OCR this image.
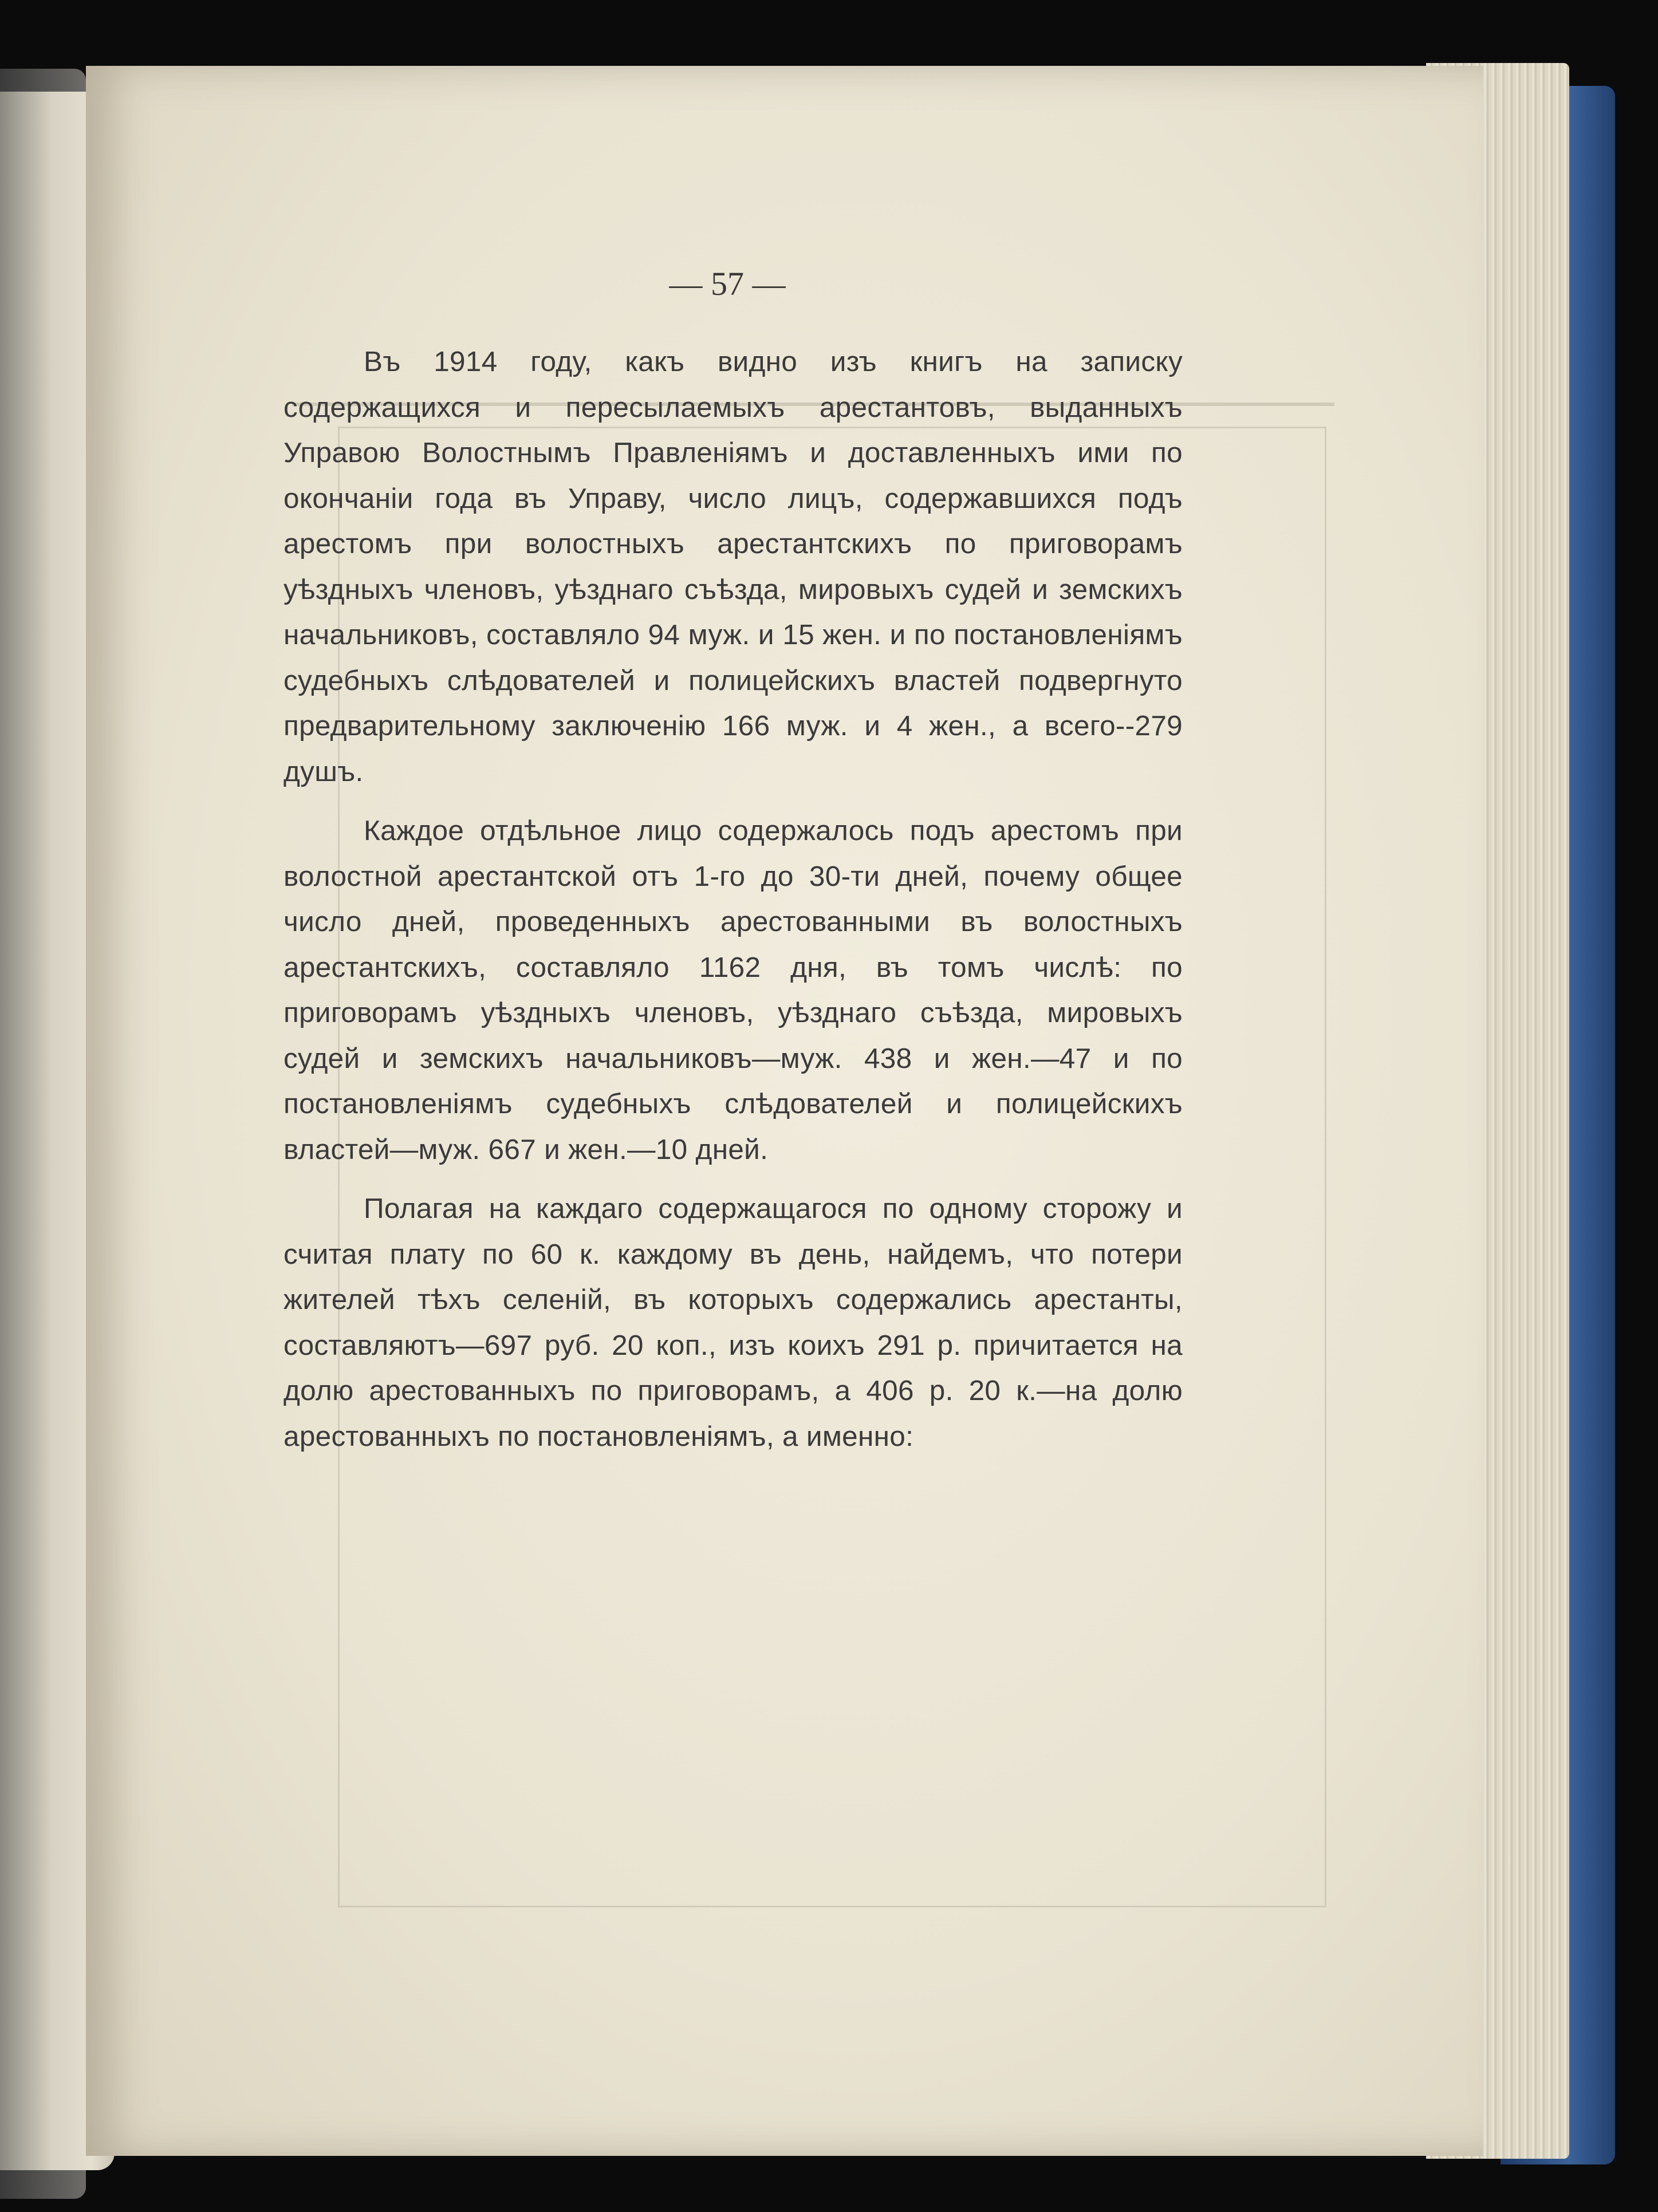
— 57 —

Въ 1914 году, какъ видно изъ книгъ на записку содержащихся и пересылаемыхъ арестантовъ, выданныхъ Управою Волостнымъ Правленіямъ и доставленныхъ ими по окончаніи года въ Управу, число лицъ, содержавшихся подъ арестомъ при волостныхъ арестантскихъ по приговорамъ уѣздныхъ членовъ, уѣзднаго съѣзда, мировыхъ судей и земскихъ начальниковъ, составляло 94 муж. и 15 жен. и по постановленіямъ судебныхъ слѣдователей и полицейскихъ властей подвергнуто предварительному заключенію 166 муж. и 4 жен., а всего--279 душъ.

Каждое отдѣльное лицо содержалось подъ арестомъ при волостной арестантской отъ 1-го до 30-ти дней, почему общее число дней, проведенныхъ арестованными въ волостныхъ арестантскихъ, составляло 1162 дня, въ томъ числѣ: по приговорамъ уѣздныхъ членовъ, уѣзднаго съѣзда, мировыхъ судей и земскихъ начальниковъ—муж. 438 и жен.—47 и по постановленіямъ судебныхъ слѣдователей и полицейскихъ властей—муж. 667 и жен.—10 дней.

Полагая на каждаго содержащагося по одному сторожу и считая плату по 60 к. каждому въ день, найдемъ, что потери жителей тѣхъ селеній, въ которыхъ содержались арестанты, составляютъ—697 руб. 20 коп., изъ коихъ 291 р. причитается на долю арестованныхъ по приговорамъ, а 406 р. 20 к.—на долю арестованныхъ по постановленіямъ, а именно:
